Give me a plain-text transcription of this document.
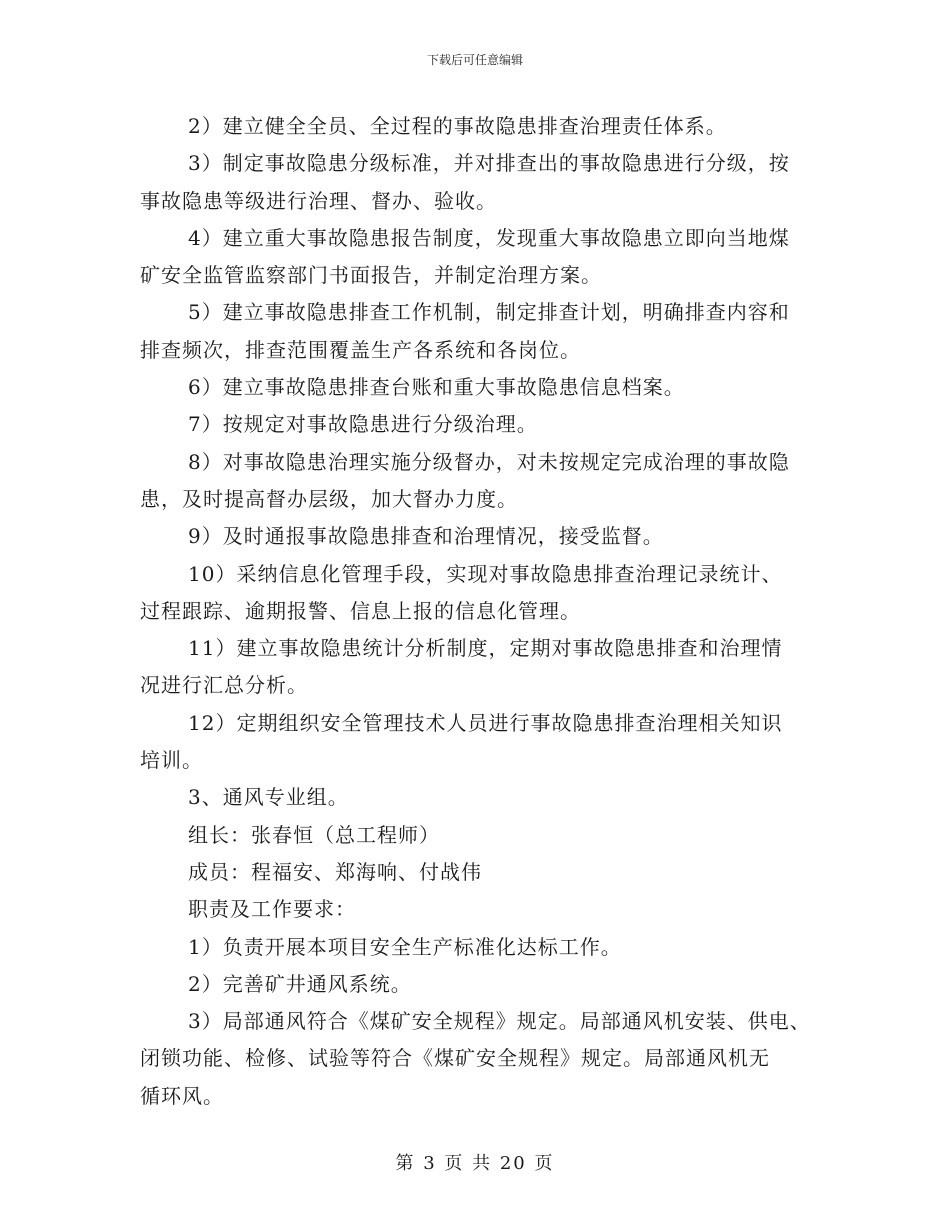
下载后可任意编辑

2）建立健全全员、全过程的事故隐患排查治理责任体系。

3）制定事故隐患分级标准，并对排查出的事故隐患进行分级，按
事故隐患等级进行治理、督办、验收。

4）建立重大事故隐患报告制度，发现重大事故隐患立即向当地煤
矿安全监管监察部门书面报告，并制定治理方案。

5）建立事故隐患排查工作机制，制定排查计划，明确排查内容和
排查频次，排查范围覆盖生产各系统和各岗位。

6）建立事故隐患排查台账和重大事故隐患信息档案。

7）按规定对事故隐患进行分级治理。

8）对事故隐患治理实施分级督办，对未按规定完成治理的事故隐
患，及时提高督办层级，加大督办力度。

9）及时通报事故隐患排查和治理情况，接受监督。

10）采纳信息化管理手段，实现对事故隐患排查治理记录统计、
过程跟踪、逾期报警、信息上报的信息化管理。

11）建立事故隐患统计分析制度，定期对事故隐患排查和治理情
况进行汇总分析。

12）定期组织安全管理技术人员进行事故隐患排查治理相关知识
培训。

3、通风专业组。

组长：张春恒（总工程师）

成员：程福安、郑海响、付战伟

职责及工作要求：

1）负责开展本项目安全生产标准化达标工作。

2）完善矿井通风系统。

3）局部通风符合《煤矿安全规程》规定。局部通风机安装、供电、
闭锁功能、检修、试验等符合《煤矿安全规程》规定。局部通风机无
循环风。

第 3 页 共 20 页
